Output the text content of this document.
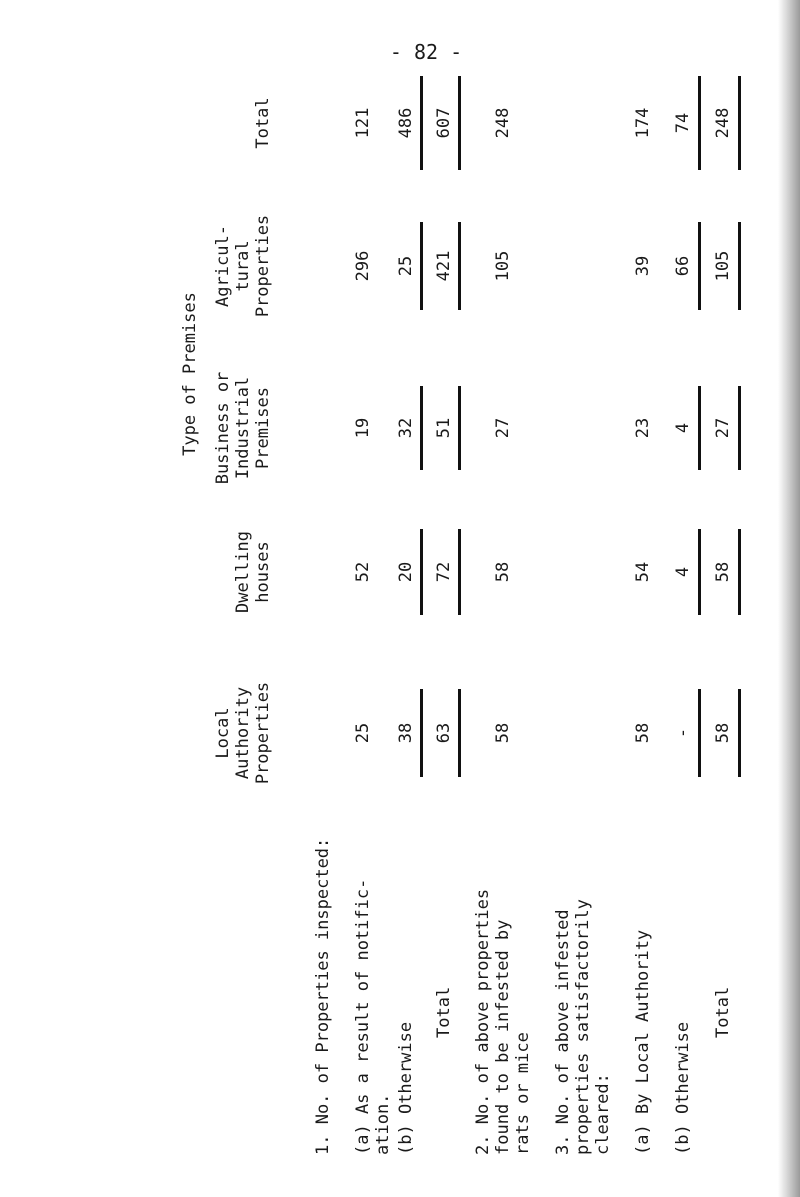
- 82 -
Type of Premises
Local Authority Properties
Dwelling houses
Business or Industrial Premises
Agricul- tural Properties
Total
1. No. of Properties inspected: (a) As a result of notific- ation.
25
52
19
296
121
(b) Otherwise
38
20
32
25
486
Total
63
72
51
421
607
2. No. of above properties found to be infested by rats or mice
58
58
27
105
248
3. No. of above infested properties satisfactorily cleared: (a) By Local Authority
58
54
23
39
174
(b) Otherwise
-
4
4
66
74
Total
58
58
27
105
248
